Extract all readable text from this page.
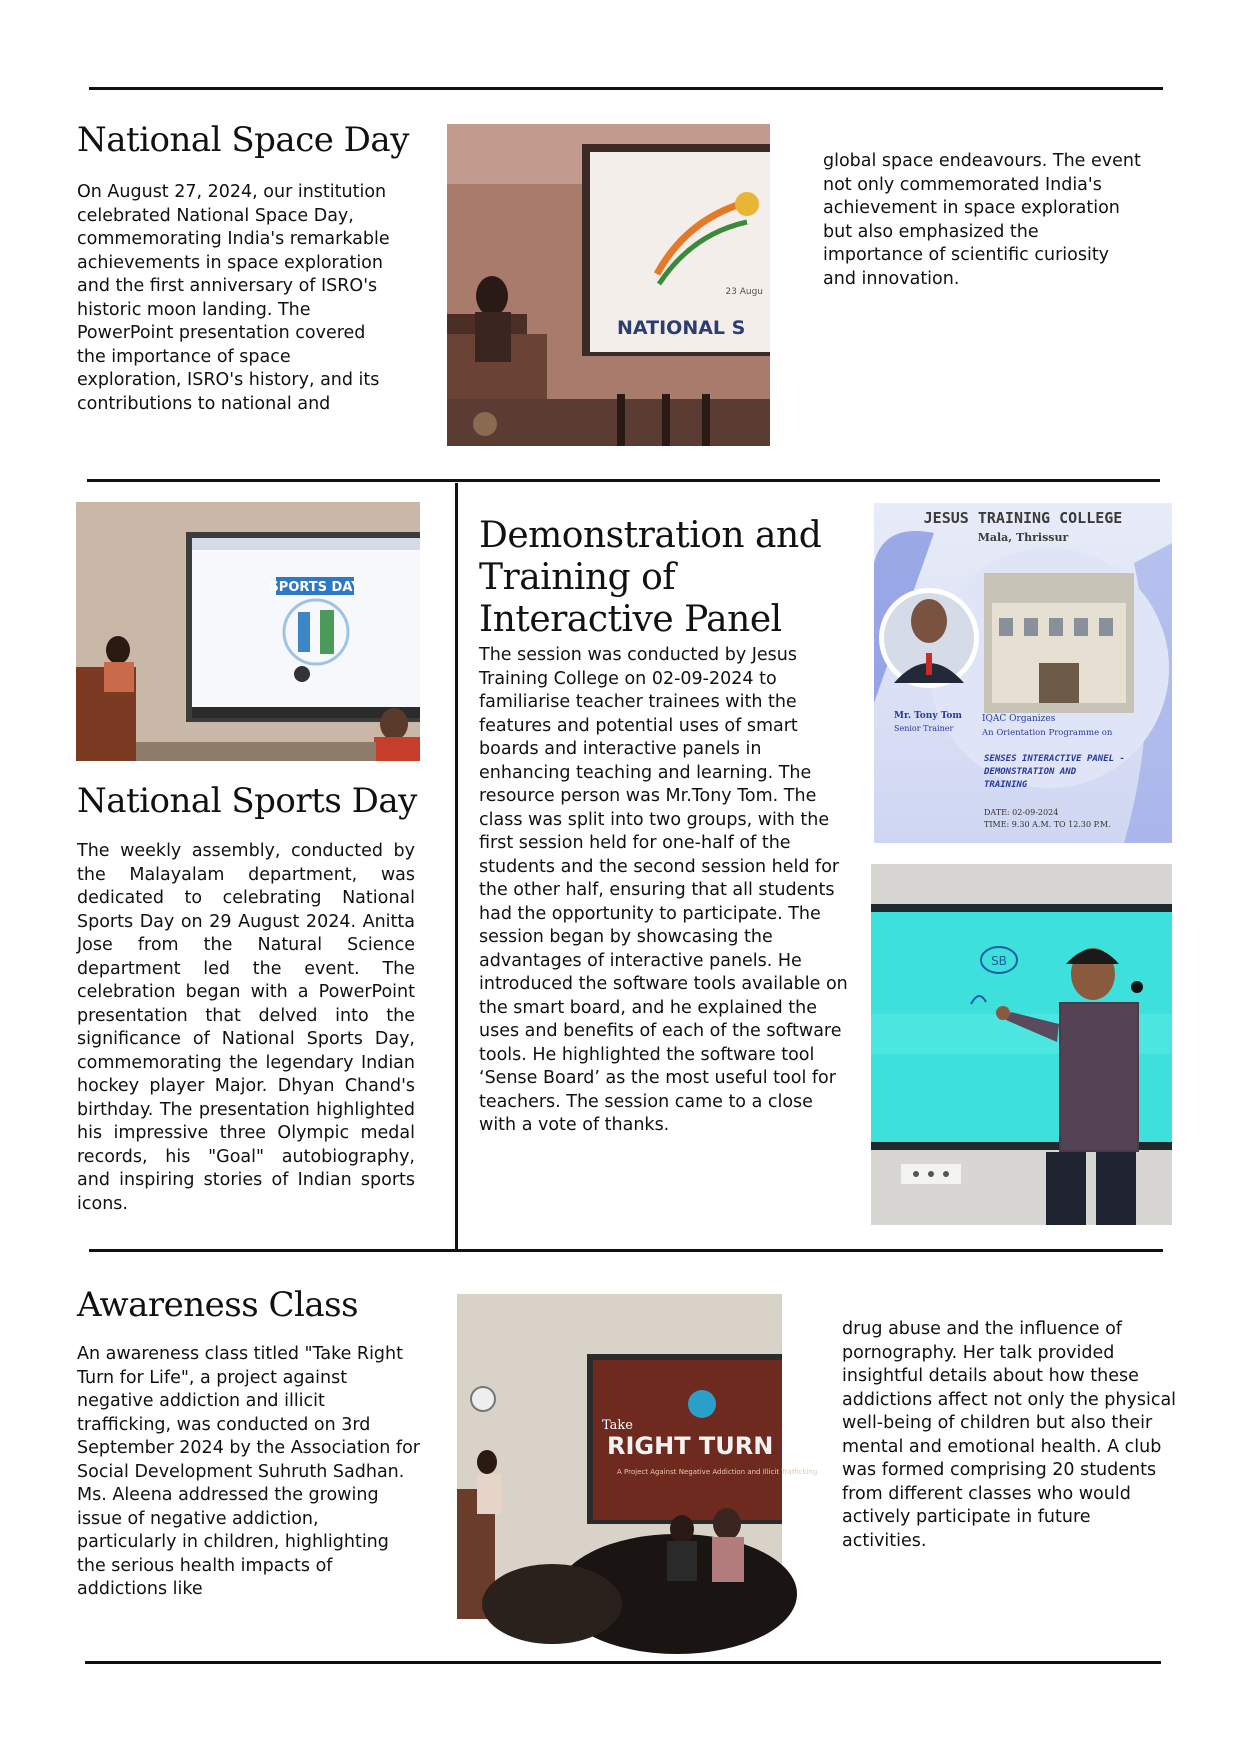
National Space Day

On August 27, 2024, our institution celebrated National Space Day, commemorating India's remarkable achievements in space exploration and the first anniversary of ISRO's historic moon landing. The PowerPoint presentation covered the importance of space exploration, ISRO's history, and its contributions to national and

23 Augu
NATIONAL S

global space endeavours. The event not only commemorated India's achievement in space exploration but also emphasized the importance of scientific curiosity and innovation.

SPORTS DAY
National Sports Day

The weekly assembly, conducted by the Malayalam department, was dedicated to celebrating National Sports Day on 29 August 2024. Anitta Jose from the Natural Science department led the event. The celebration began with a PowerPoint presentation that delved into the significance of National Sports Day, commemorating the legendary Indian hockey player Major. Dhyan Chand's birthday. The presentation highlighted his impressive three Olympic medal records, his "Goal" autobiography, and inspiring stories of Indian sports icons.

Demonstration and Training of Interactive Panel

The session was conducted by Jesus Training College on 02-09-2024 to familiarise teacher trainees with the features and potential uses of smart boards and interactive panels in enhancing teaching and learning. The resource person was Mr.Tony Tom. The class was split into two groups, with the first session held for one-half of the students and the second session held for the other half, ensuring that all students had the opportunity to participate. The session began by showcasing the advantages of interactive panels. He introduced the software tools available on the smart board, and he explained the uses and benefits of each of the software tools. He highlighted the software tool ‘Sense Board’ as the most useful tool for teachers. The session came to a close with a vote of thanks.

JESUS TRAINING COLLEGE
Mala, Thrissur
Mr. Tony Tom
Senior Trainer
IQAC Organizes
An Orientation Programme on
SENSES INTERACTIVE PANEL -
DEMONSTRATION AND
TRAINING
DATE: 02-09-2024
TIME: 9.30 A.M. TO 12.30 P.M.
SB
Awareness Class

An awareness class titled "Take Right Turn for Life", a project against negative addiction and illicit trafficking, was conducted on 3rd September 2024 by the Association for Social Development Suhruth Sadhan. Ms. Aleena addressed the growing issue of negative addiction, particularly in children, highlighting the serious health impacts of addictions like

Take
RIGHT TURN
A Project Against Negative Addiction and Illicit Trafficking

drug abuse and the influence of pornography. Her talk provided insightful details about how these addictions affect not only the physical well-being of children but also their mental and emotional health. A club was formed comprising 20 students from different classes who would actively participate in future activities.
